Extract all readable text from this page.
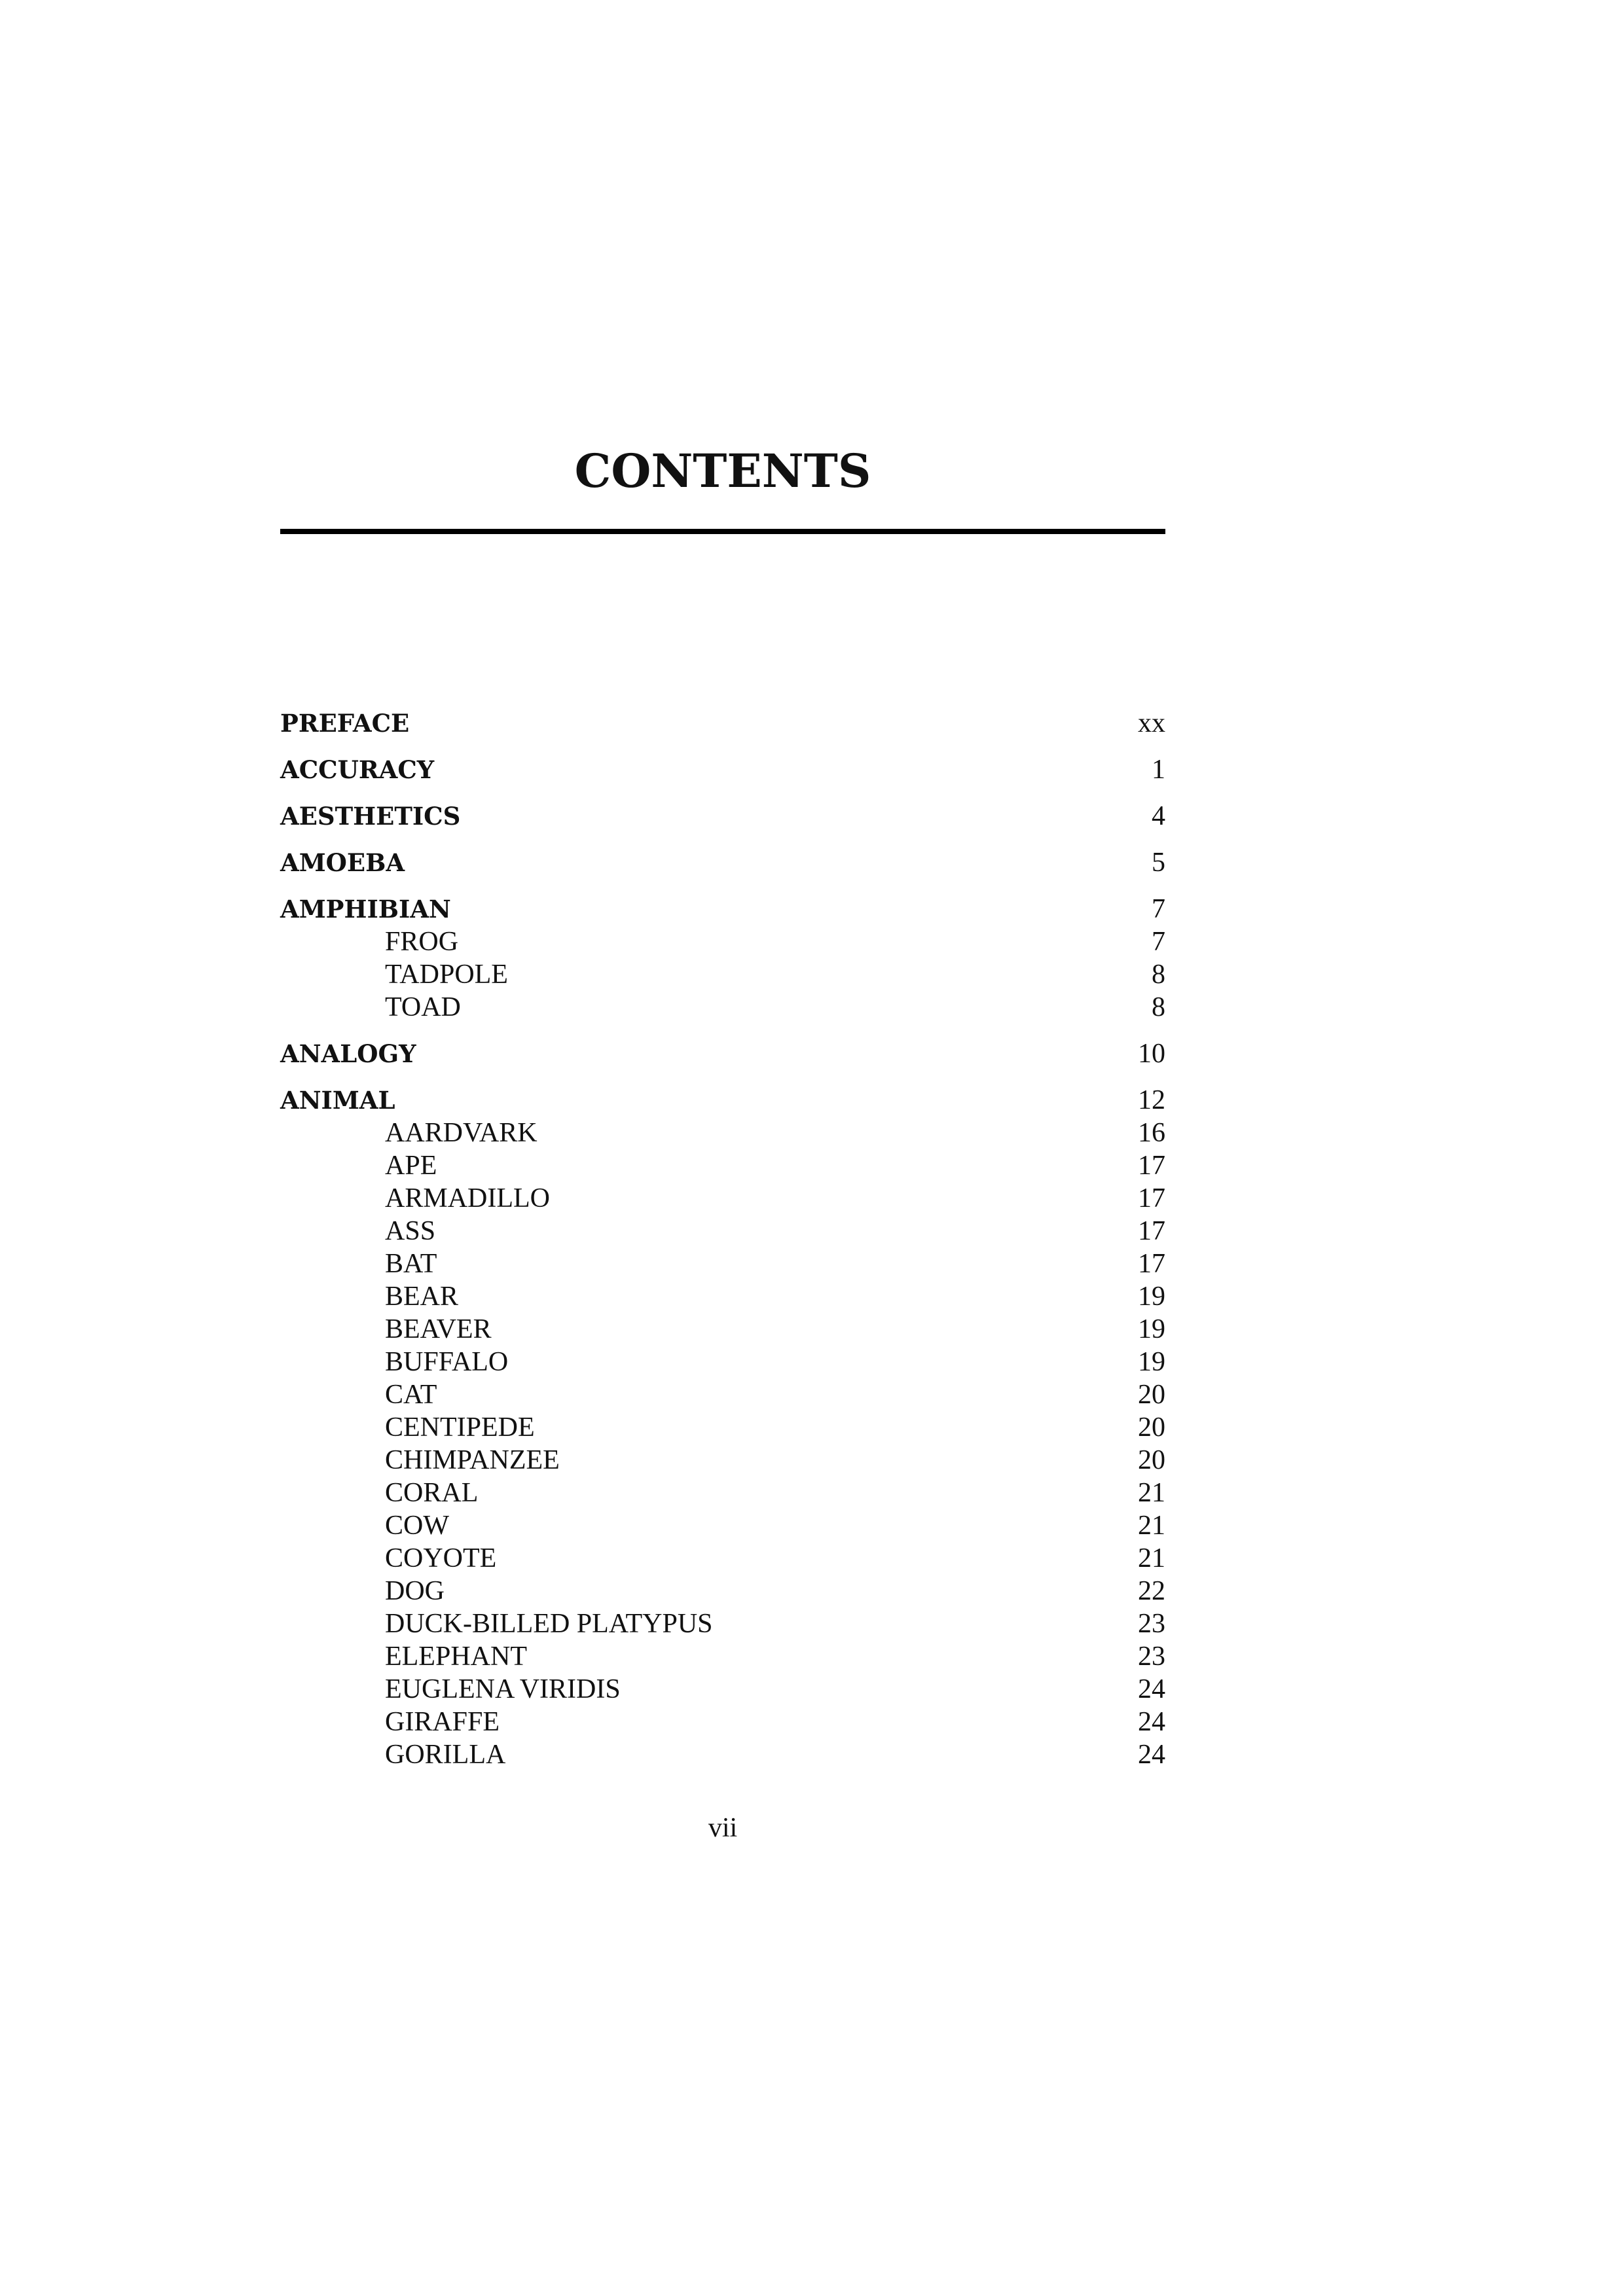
CONTENTS
PREFACE	xx
ACCURACY	1
AESTHETICS	4
AMOEBA	5
AMPHIBIAN	7
FROG	7
TADPOLE	8
TOAD	8
ANALOGY	10
ANIMAL	12
AARDVARK	16
APE	17
ARMADILLO	17
ASS	17
BAT	17
BEAR	19
BEAVER	19
BUFFALO	19
CAT	20
CENTIPEDE	20
CHIMPANZEE	20
CORAL	21
COW	21
COYOTE	21
DOG	22
DUCK-BILLED PLATYPUS	23
ELEPHANT	23
EUGLENA VIRIDIS	24
GIRAFFE	24
GORILLA	24
vii
